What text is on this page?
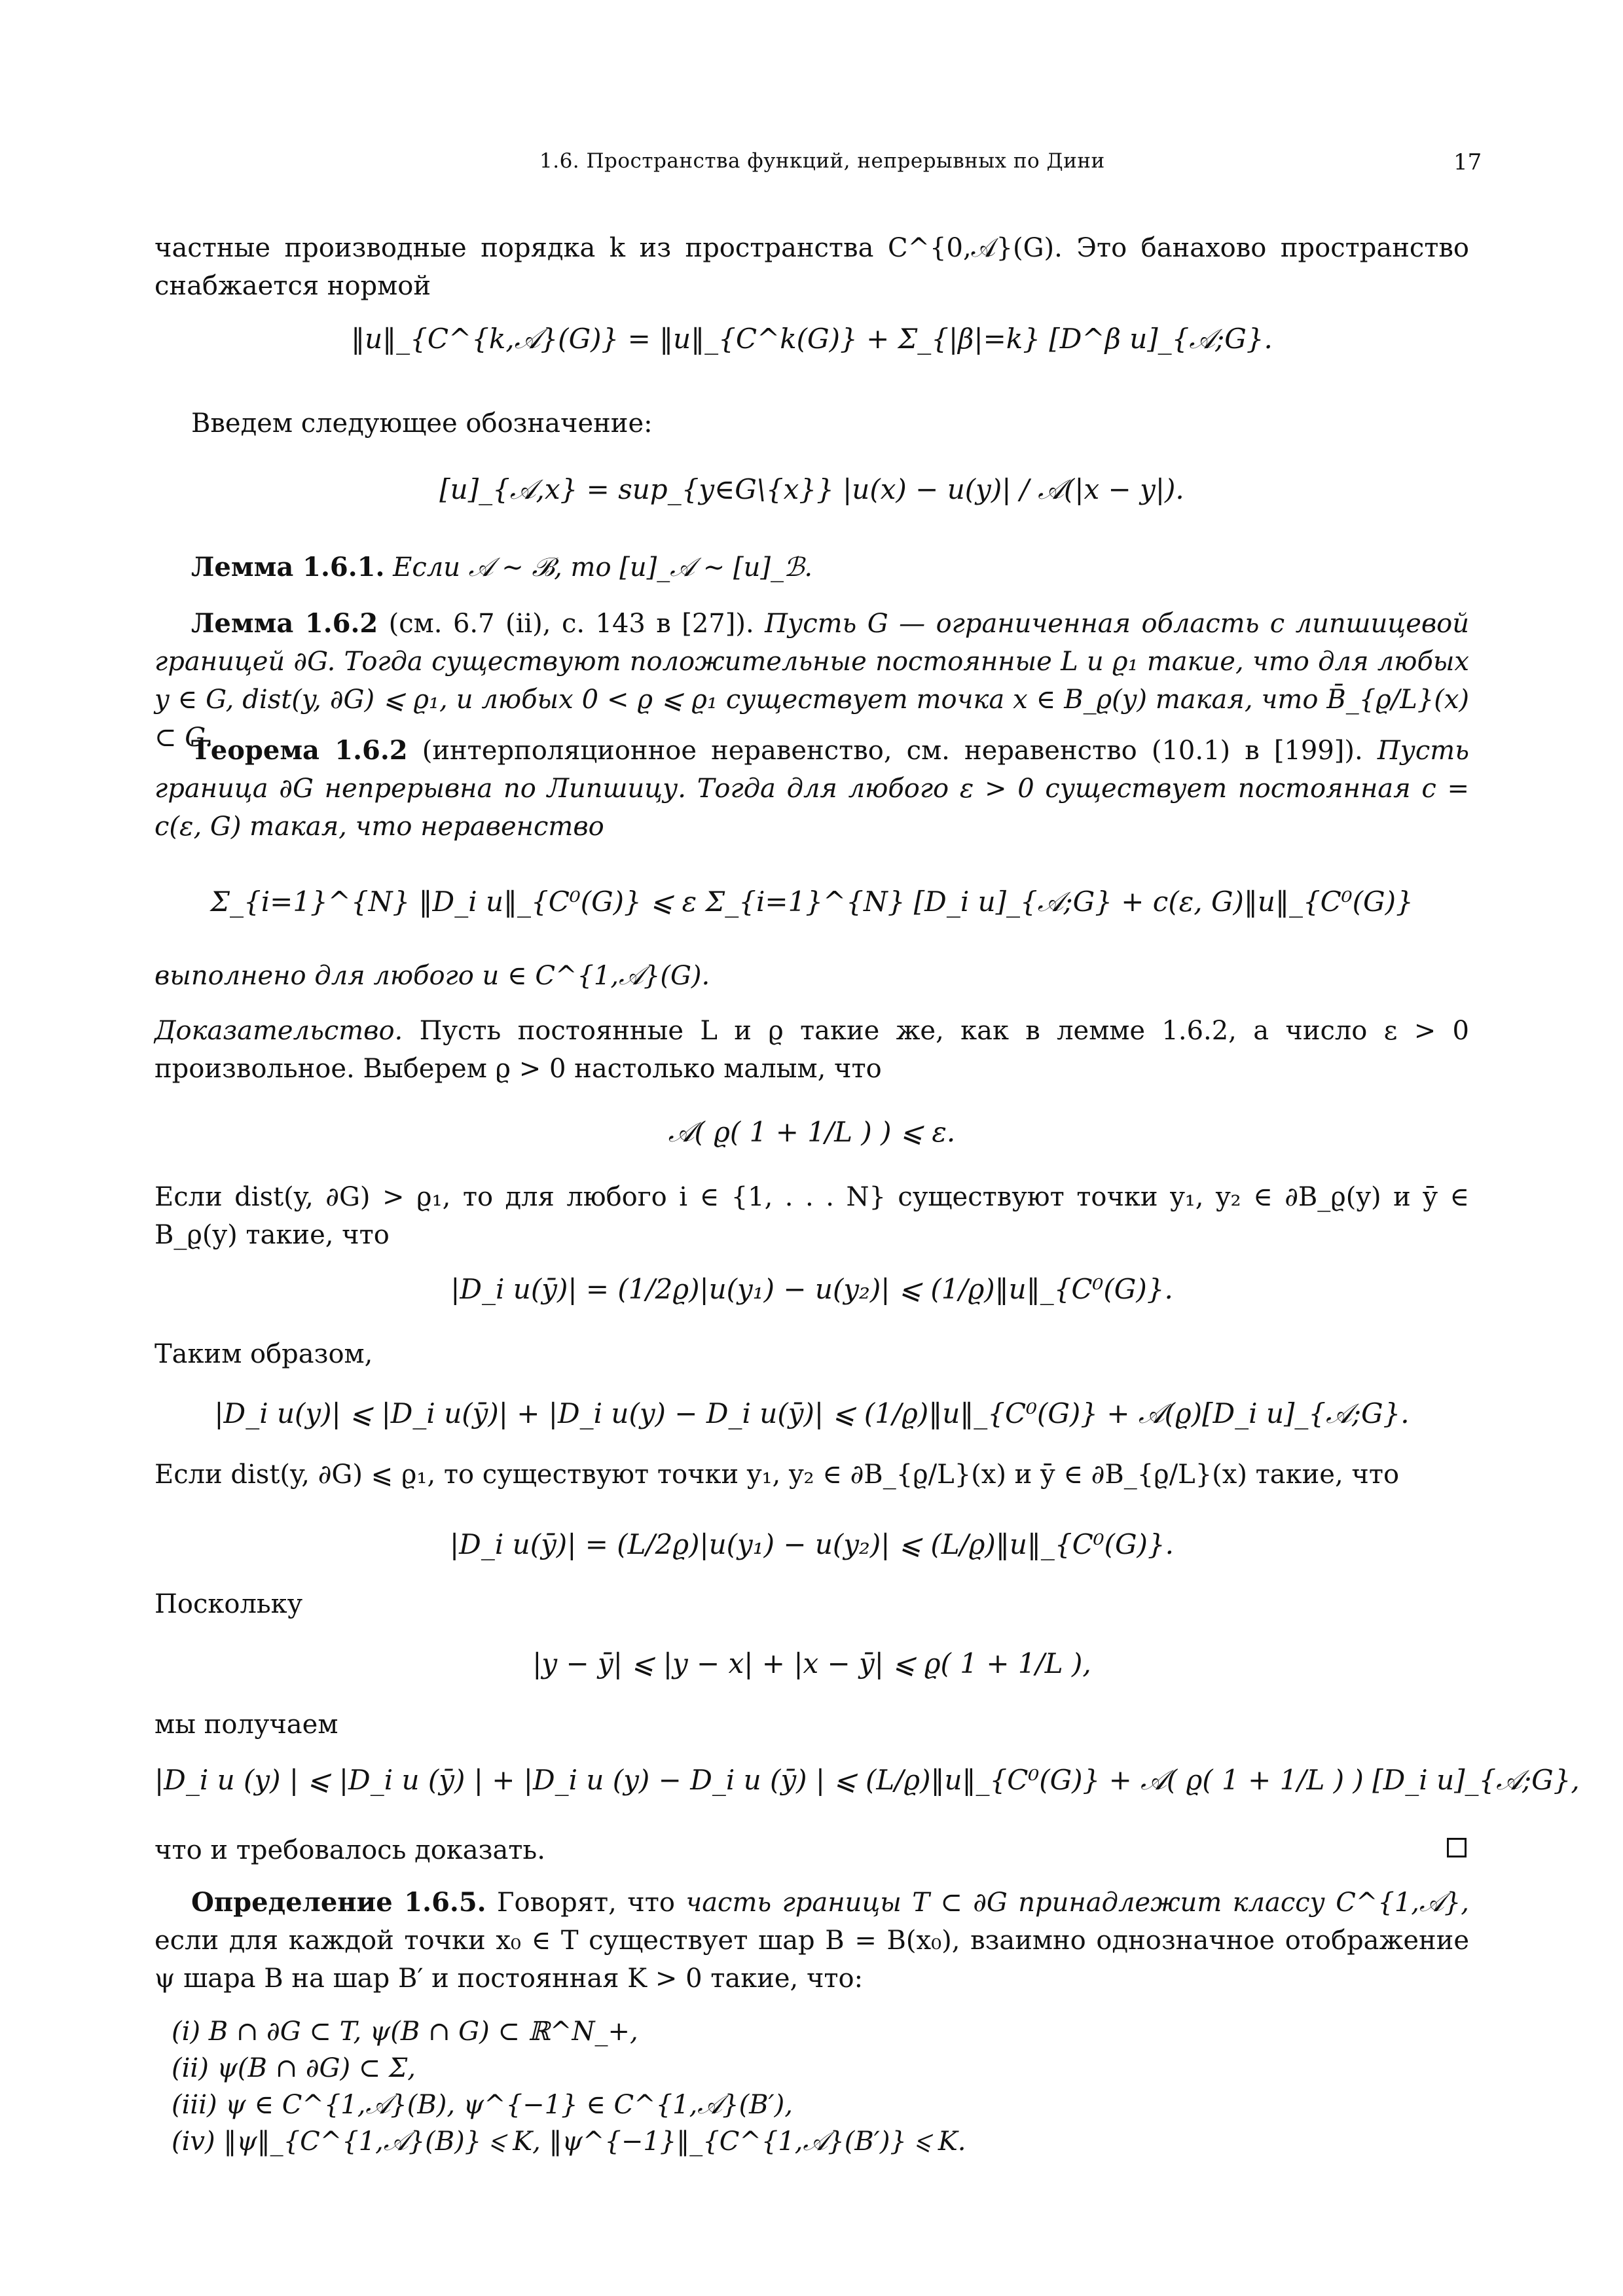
1.6. Пространства функций, непрерывных по Дини	17
частные производные порядка k из пространства C^{0,𝒜}(G). Это банахово пространство снабжается нормой
‖u‖_{C^{k,𝒜}(G)} = ‖u‖_{C^k(G)} + Σ_{|β|=k} [D^β u]_{𝒜;G}.
Введем следующее обозначение:
[u]_{𝒜,x} = sup_{y∈G\{x}} |u(x) − u(y)| / 𝒜(|x − y|).
Лемма 1.6.1. Если 𝒜 ∼ ℬ, то [u]_𝒜 ∼ [u]_ℬ.
Лемма 1.6.2 (см. 6.7 (ii), с. 143 в [27]). Пусть G — ограниченная область с липшицевой границей ∂G. Тогда существуют положительные постоянные L и ϱ₁ такие, что для любых y ∈ G, dist(y, ∂G) ⩽ ϱ₁, и любых 0 < ϱ ⩽ ϱ₁ существует точка x ∈ B_ϱ(y) такая, что B̄_{ϱ/L}(x) ⊂ G.
Теорема 1.6.2 (интерполяционное неравенство, см. неравенство (10.1) в [199]). Пусть граница ∂G непрерывна по Липшицу. Тогда для любого ε > 0 существует постоянная c = c(ε, G) такая, что неравенство
Σ_{i=1}^{N} ‖D_i u‖_{C⁰(G)} ⩽ ε Σ_{i=1}^{N} [D_i u]_{𝒜;G} + c(ε, G)‖u‖_{C⁰(G)}
выполнено для любого u ∈ C^{1,𝒜}(G).
Доказательство. Пусть постоянные L и ϱ такие же, как в лемме 1.6.2, а число ε > 0 произвольное. Выберем ϱ > 0 настолько малым, что
𝒜( ϱ( 1 + 1/L ) ) ⩽ ε.
Если dist(y, ∂G) > ϱ₁, то для любого i ∈ {1, . . . N} существуют точки y₁, y₂ ∈ ∂B_ϱ(y) и ȳ ∈ B_ϱ(y) такие, что
|D_i u(ȳ)| = (1/2ϱ)|u(y₁) − u(y₂)| ⩽ (1/ϱ)‖u‖_{C⁰(G)}.
Таким образом,
|D_i u(y)| ⩽ |D_i u(ȳ)| + |D_i u(y) − D_i u(ȳ)| ⩽ (1/ϱ)‖u‖_{C⁰(G)} + 𝒜(ϱ)[D_i u]_{𝒜;G}.
Если dist(y, ∂G) ⩽ ϱ₁, то существуют точки y₁, y₂ ∈ ∂B_{ϱ/L}(x) и ȳ ∈ ∂B_{ϱ/L}(x) такие, что
|D_i u(ȳ)| = (L/2ϱ)|u(y₁) − u(y₂)| ⩽ (L/ϱ)‖u‖_{C⁰(G)}.
Поскольку
|y − ȳ| ⩽ |y − x| + |x − ȳ| ⩽ ϱ( 1 + 1/L ),
мы получаем
|D_i u (y) | ⩽ |D_i u (ȳ) | + |D_i u (y) − D_i u (ȳ) | ⩽ (L/ϱ)‖u‖_{C⁰(G)} + 𝒜( ϱ( 1 + 1/L ) ) [D_i u]_{𝒜;G},
что и требовалось доказать.
Определение 1.6.5. Говорят, что часть границы T ⊂ ∂G принадлежит классу C^{1,𝒜}, если для каждой точки x₀ ∈ T существует шар B = B(x₀), взаимно однозначное отображение ψ шара B на шар B′ и постоянная K > 0 такие, что:
(i) B ∩ ∂G ⊂ T, ψ(B ∩ G) ⊂ ℝ^N_+,
(ii) ψ(B ∩ ∂G) ⊂ Σ,
(iii) ψ ∈ C^{1,𝒜}(B), ψ^{−1} ∈ C^{1,𝒜}(B′),
(iv) ‖ψ‖_{C^{1,𝒜}(B)} ⩽ K, ‖ψ^{−1}‖_{C^{1,𝒜}(B′)} ⩽ K.
